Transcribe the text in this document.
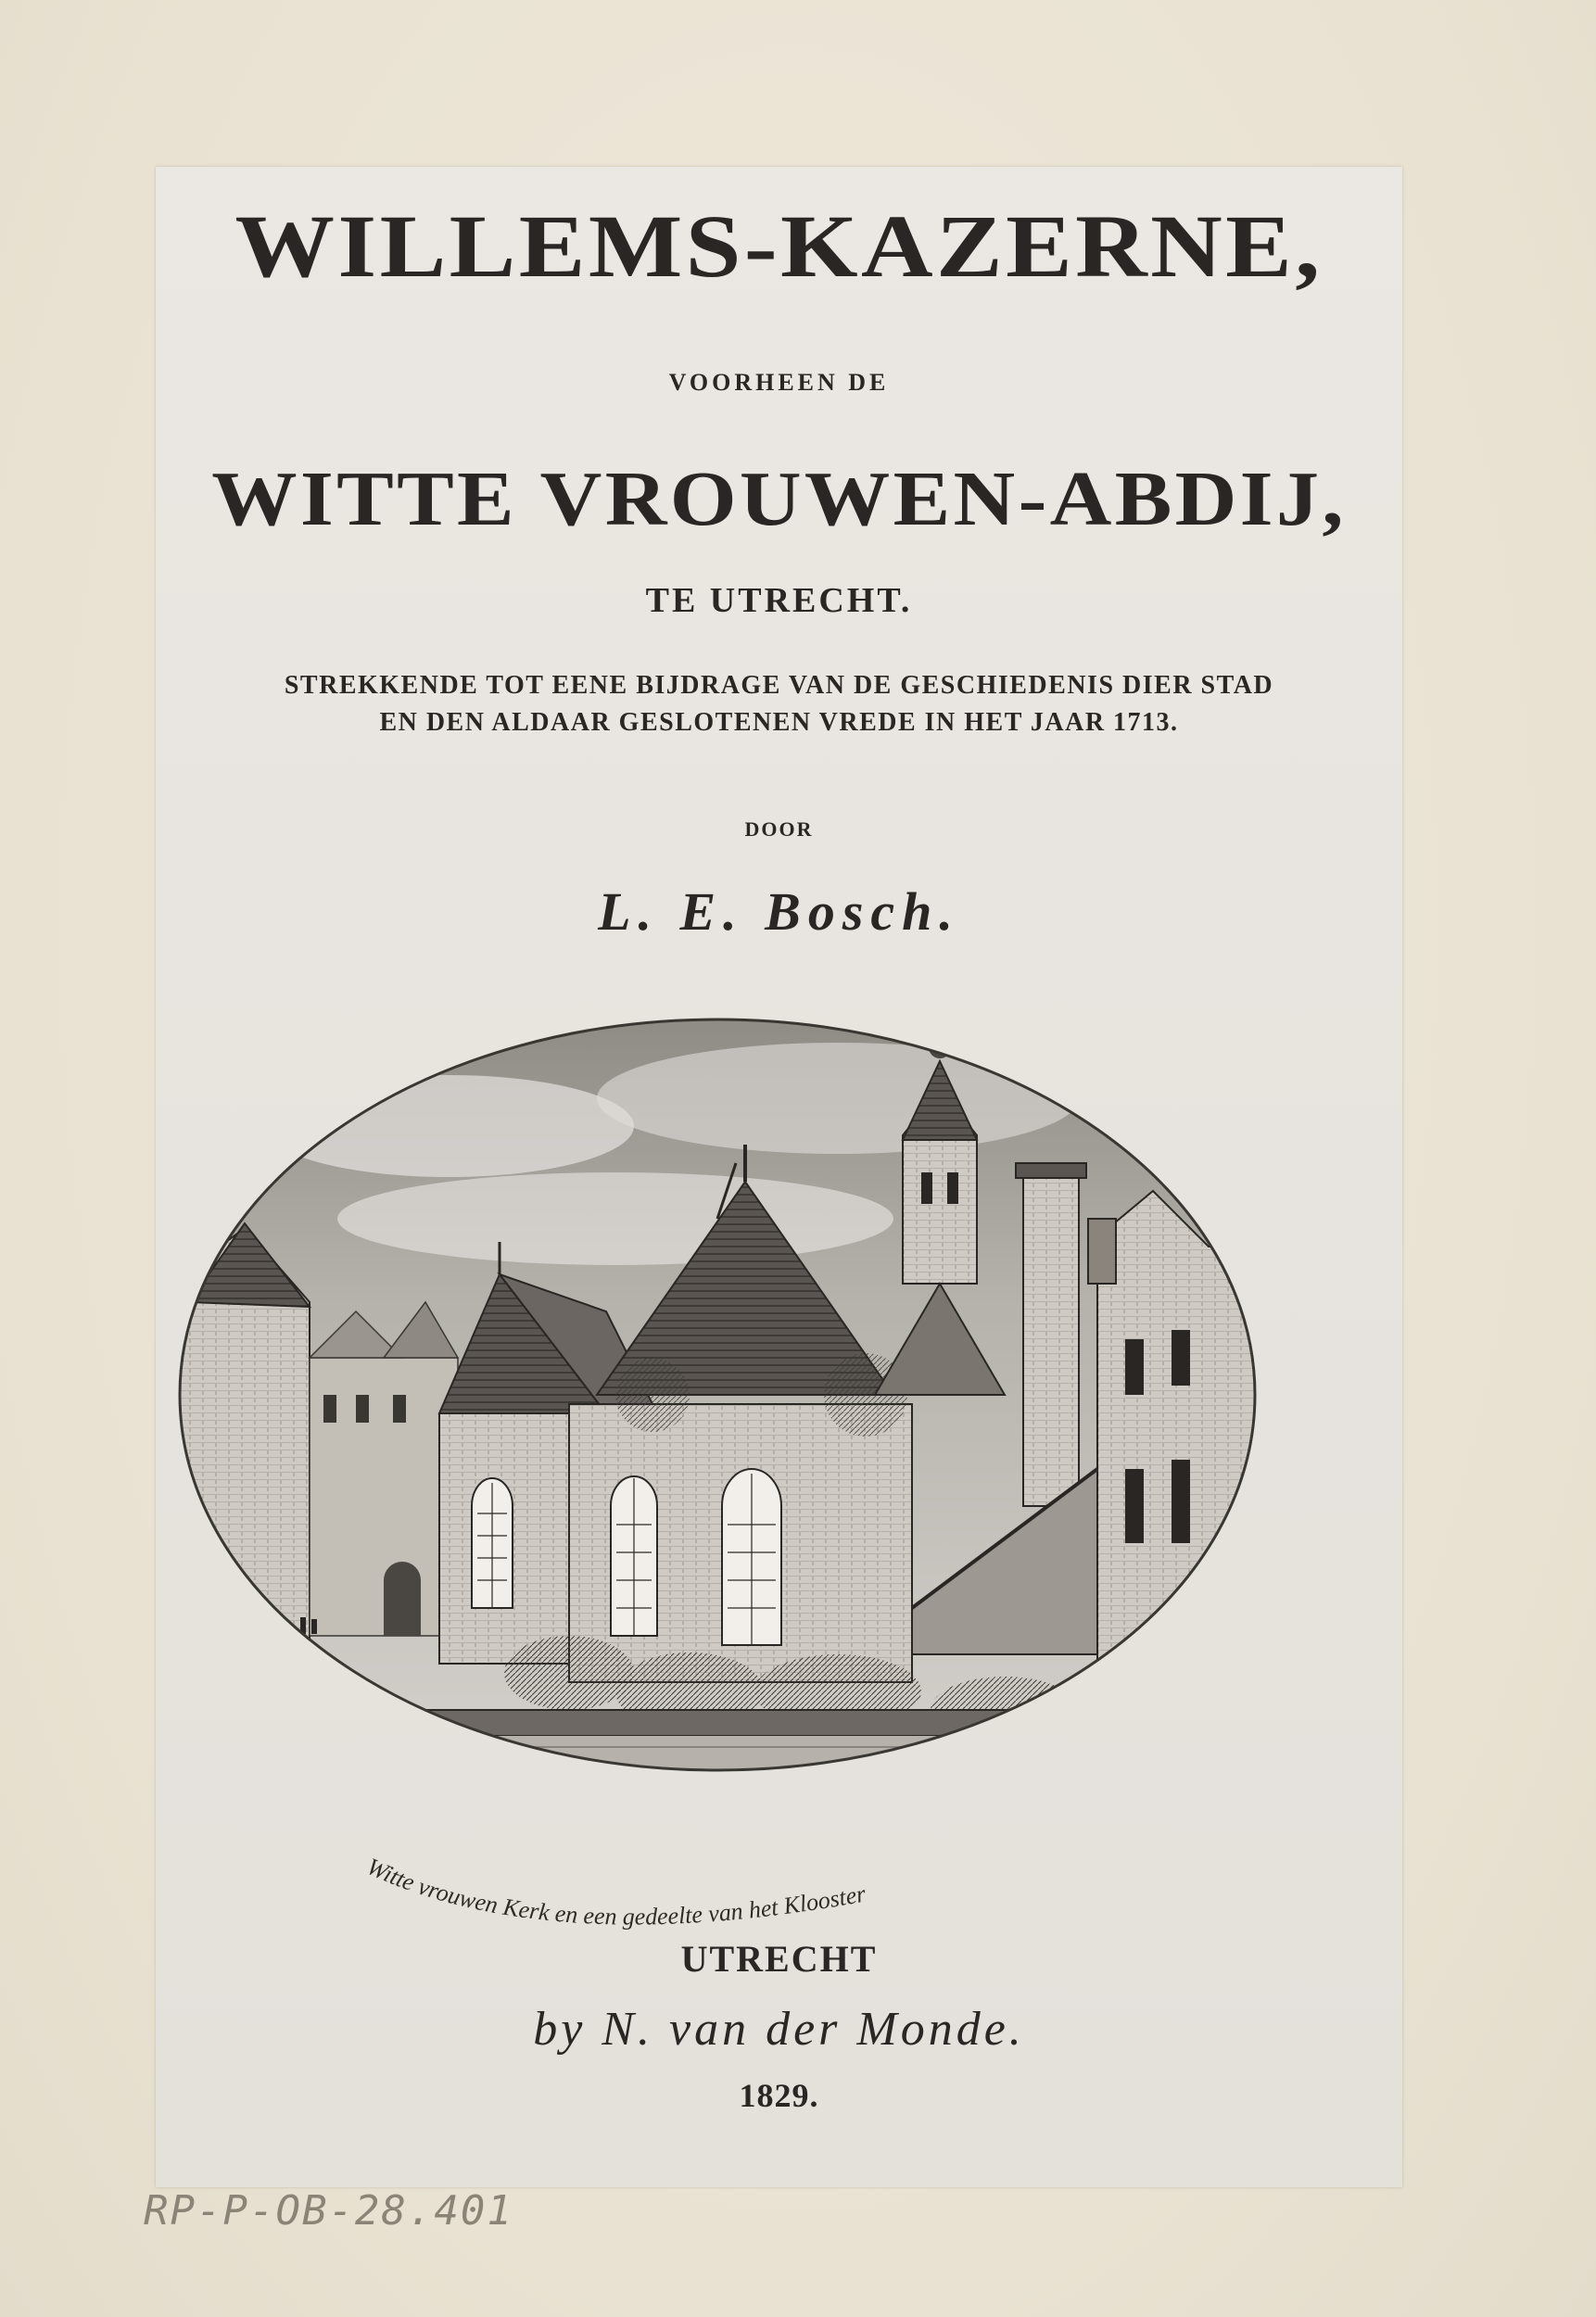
WILLEMS-KAZERNE,
VOORHEEN DE
WITTE VROUWEN-ABDIJ,
TE UTRECHT.
STREKKENDE TOT EENE BIJDRAGE VAN DE GESCHIEDENIS DIER STAD
EN DEN ALDAAR GESLOTENEN VREDE IN HET JAAR 1713.
DOOR
L. E. Bosch.
Witte vrouwen Kerk en een gedeelte van het Klooster
UTRECHT
by N. van der Monde.
1829.
RP-P-OB-28.401
